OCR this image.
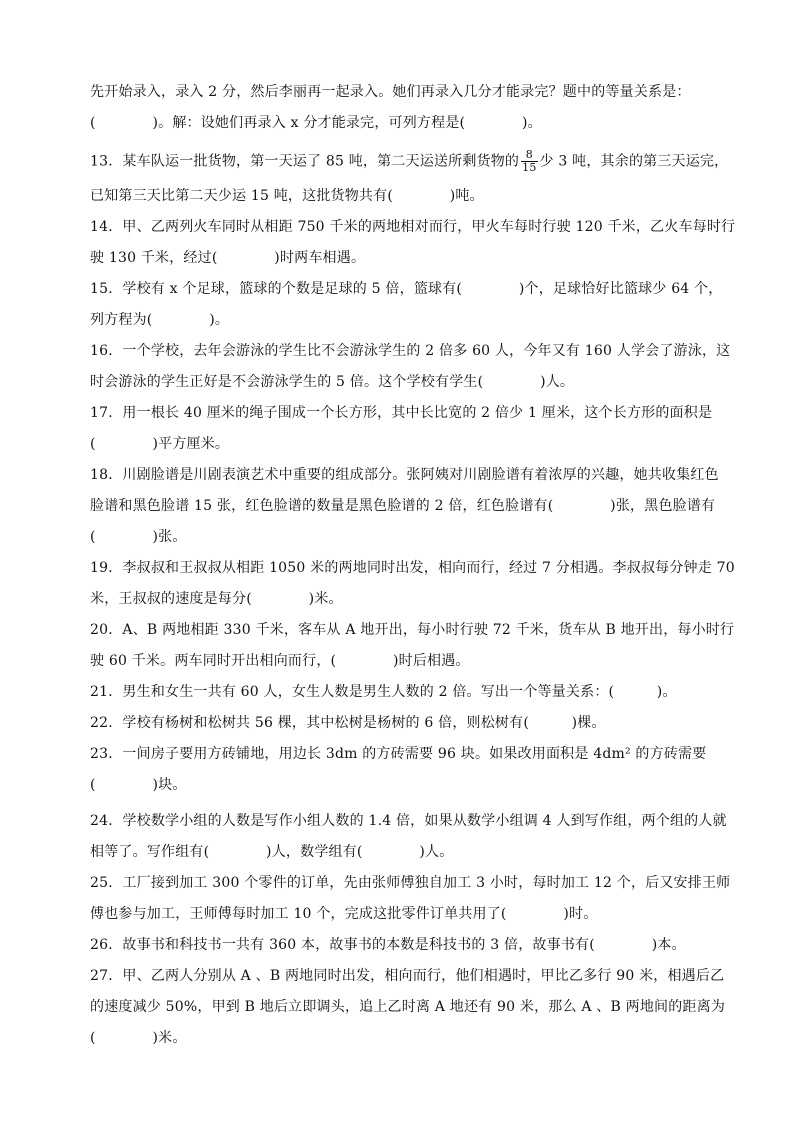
先开始录入，录入 2 分，然后李丽再一起录入。她们再录入几分才能录完？题中的等量关系是：
(　　　　)。解：设她们再录入 x 分才能录完，可列方程是(　　　　)。
13．某车队运一批货物，第一天运了 85 吨，第二天运送所剩货物的 $\frac{8}{15}$ 少 3 吨，其余的第三天运完，
已知第三天比第二天少运 15 吨，这批货物共有(　　　　)吨。
14．甲、乙两列火车同时从相距 750 千米的两地相对而行，甲火车每时行驶 120 千米，乙火车每时行
驶 130 千米，经过(　　　　)时两车相遇。
15．学校有 x 个足球，篮球的个数是足球的 5 倍，篮球有(　　　　)个，足球恰好比篮球少 64 个，
列方程为(　　　　)。
16．一个学校，去年会游泳的学生比不会游泳学生的 2 倍多 60 人，今年又有 160 人学会了游泳，这
时会游泳的学生正好是不会游泳学生的 5 倍。这个学校有学生(　　　　)人。
17．用一根长 40 厘米的绳子围成一个长方形，其中长比宽的 2 倍少 1 厘米，这个长方形的面积是
(　　　　)平方厘米。
18．川剧脸谱是川剧表演艺术中重要的组成部分。张阿姨对川剧脸谱有着浓厚的兴趣，她共收集红色
脸谱和黑色脸谱 15 张，红色脸谱的数量是黑色脸谱的 2 倍，红色脸谱有(　　　　)张，黑色脸谱有
(　　　　)张。
19．李叔叔和王叔叔从相距 1050 米的两地同时出发，相向而行，经过 7 分相遇。李叔叔每分钟走 70
米，王叔叔的速度是每分(　　　　)米。
20．A、B 两地相距 330 千米，客车从 A 地开出，每小时行驶 72 千米，货车从 B 地开出，每小时行
驶 60 千米。两车同时开出相向而行，(　　　　)时后相遇。
21．男生和女生一共有 60 人，女生人数是男生人数的 2 倍。写出一个等量关系：(　　　)。
22．学校有杨树和松树共 56 棵，其中松树是杨树的 6 倍，则松树有(　　　)棵。
23．一间房子要用方砖铺地，用边长 3dm 的方砖需要 96 块。如果改用面积是 4dm² 的方砖需要
(　　　　)块。
24．学校数学小组的人数是写作小组人数的 1.4 倍，如果从数学小组调 4 人到写作组，两个组的人就
相等了。写作组有(　　　　)人，数学组有(　　　　)人。
25．工厂接到加工 300 个零件的订单，先由张师傅独自加工 3 小时，每时加工 12 个，后又安排王师
傅也参与加工，王师傅每时加工 10 个，完成这批零件订单共用了(　　　　)时。
26．故事书和科技书一共有 360 本，故事书的本数是科技书的 3 倍，故事书有(　　　　)本。
27．甲、乙两人分别从 A 、B 两地同时出发，相向而行，他们相遇时，甲比乙多行 90 米，相遇后乙
的速度减少 50%，甲到 B 地后立即调头，追上乙时离 A 地还有 90 米，那么 A 、B 两地间的距离为
(　　　　)米。
